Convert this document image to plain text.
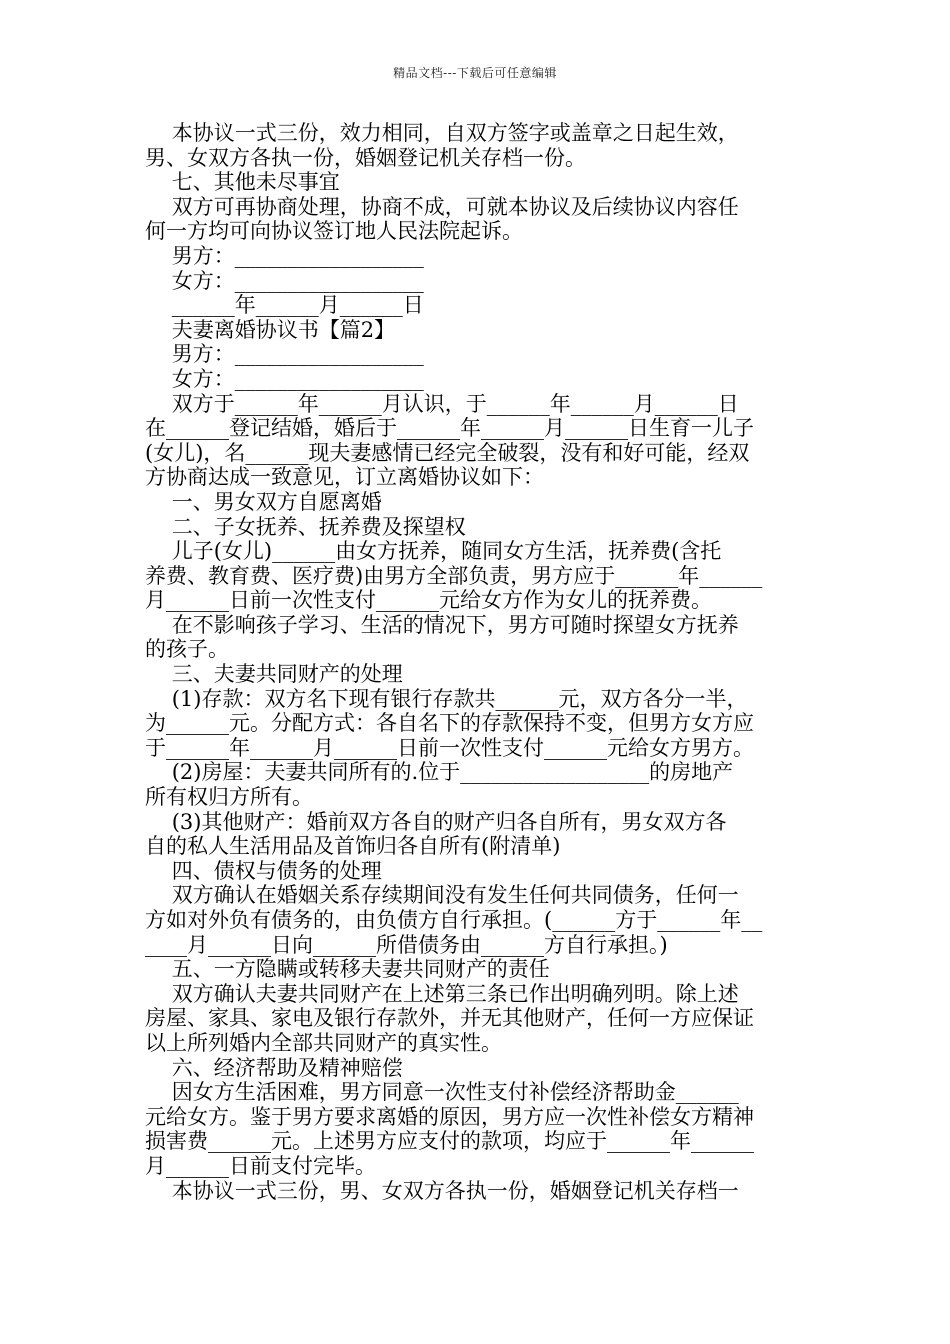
精品文档---下载后可任意编辑
本协议一式三份，效力相同，自双方签字或盖章之日起生效，
男、女双方各执一份，婚姻登记机关存档一份。
七、其他未尽事宜
双方可再协商处理，协商不成，可就本协议及后续协议内容任
何一方均可向协议签订地人民法院起诉。
男方：__________________
女方：__________________
______年______月______日
夫妻离婚协议书【篇2】
男方：__________________
女方：__________________
双方于______年______月认识，于______年______月______日
在______登记结婚，婚后于______年______月______日生育一儿子
(女儿)，名______现夫妻感情已经完全破裂，没有和好可能，经双
方协商达成一致意见，订立离婚协议如下：
一、男女双方自愿离婚
二、子女抚养、抚养费及探望权
儿子(女儿)______由女方抚养，随同女方生活，抚养费(含托
养费、教育费、医疗费)由男方全部负责，男方应于______年______
月______日前一次性支付______元给女方作为女儿的抚养费。
在不影响孩子学习、生活的情况下，男方可随时探望女方抚养
的孩子。
三、夫妻共同财产的处理
(1)存款：双方名下现有银行存款共______元，双方各分一半，
为______元。分配方式：各自名下的存款保持不变，但男方女方应
于______年______月______日前一次性支付______元给女方男方。
(2)房屋：夫妻共同所有的.位于__________________的房地产
所有权归方所有。
(3)其他财产：婚前双方各自的财产归各自所有，男女双方各
自的私人生活用品及首饰归各自所有(附清单)
四、债权与债务的处理
双方确认在婚姻关系存续期间没有发生任何共同债务，任何一
方如对外负有债务的，由负债方自行承担。(______方于______年__
____月______日向______所借债务由______方自行承担。)
五、一方隐瞒或转移夫妻共同财产的责任
双方确认夫妻共同财产在上述第三条已作出明确列明。除上述
房屋、家具、家电及银行存款外，并无其他财产，任何一方应保证
以上所列婚内全部共同财产的真实性。
六、经济帮助及精神赔偿
因女方生活困难，男方同意一次性支付补偿经济帮助金______
元给女方。鉴于男方要求离婚的原因，男方应一次性补偿女方精神
损害费______元。上述男方应支付的款项，均应于______年______
月______日前支付完毕。
本协议一式三份，男、女双方各执一份，婚姻登记机关存档一
